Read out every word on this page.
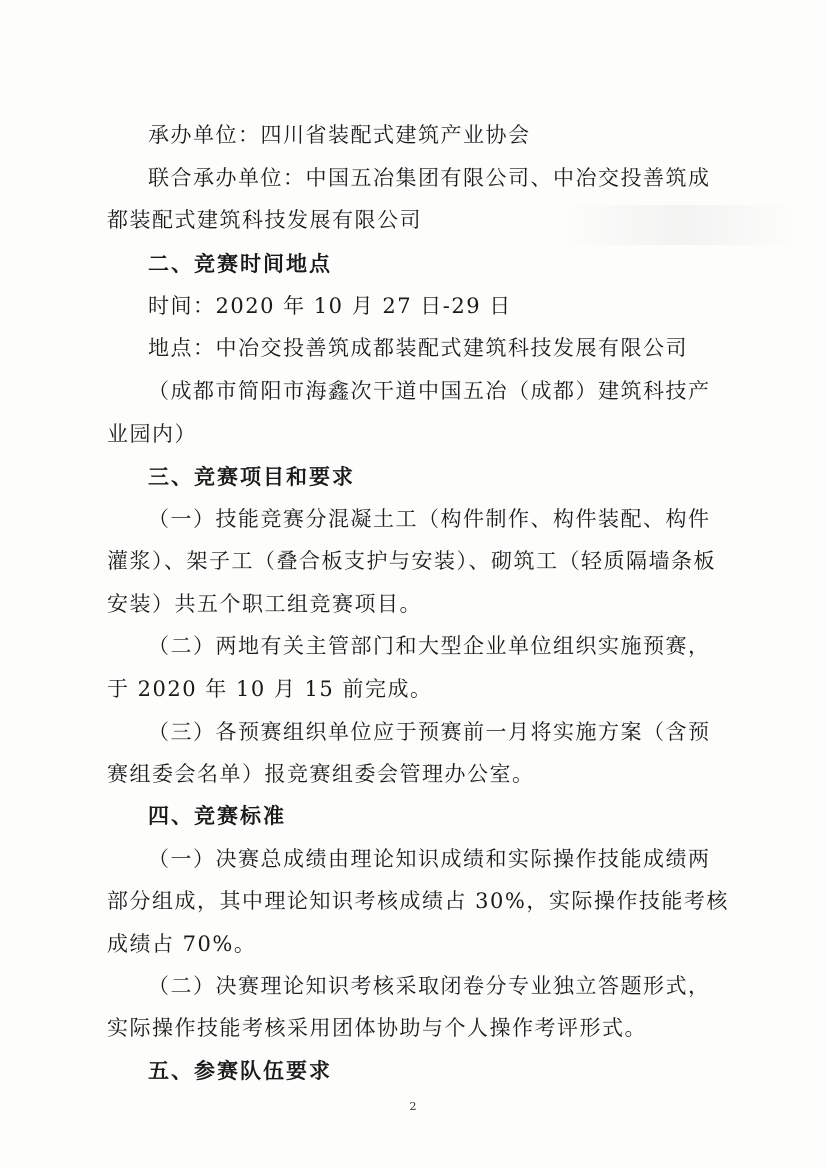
承办单位：四川省装配式建筑产业协会
联合承办单位：中国五冶集团有限公司、中冶交投善筑成
都装配式建筑科技发展有限公司
二、竞赛时间地点
时间：2020 年 10 月 27 日-29 日
地点：中冶交投善筑成都装配式建筑科技发展有限公司
（成都市简阳市海鑫次干道中国五冶（成都）建筑科技产
业园内）
三、竞赛项目和要求
（一）技能竞赛分混凝土工（构件制作、构件装配、构件
灌浆）、架子工（叠合板支护与安装）、砌筑工（轻质隔墙条板
安装）共五个职工组竞赛项目。
（二）两地有关主管部门和大型企业单位组织实施预赛，
于 2020 年 10 月 15 前完成。
（三）各预赛组织单位应于预赛前一月将实施方案（含预
赛组委会名单）报竞赛组委会管理办公室。
四、竞赛标准
（一）决赛总成绩由理论知识成绩和实际操作技能成绩两
部分组成，其中理论知识考核成绩占 30%，实际操作技能考核
成绩占 70%。
（二）决赛理论知识考核采取闭卷分专业独立答题形式，
实际操作技能考核采用团体协助与个人操作考评形式。
五、参赛队伍要求
2
